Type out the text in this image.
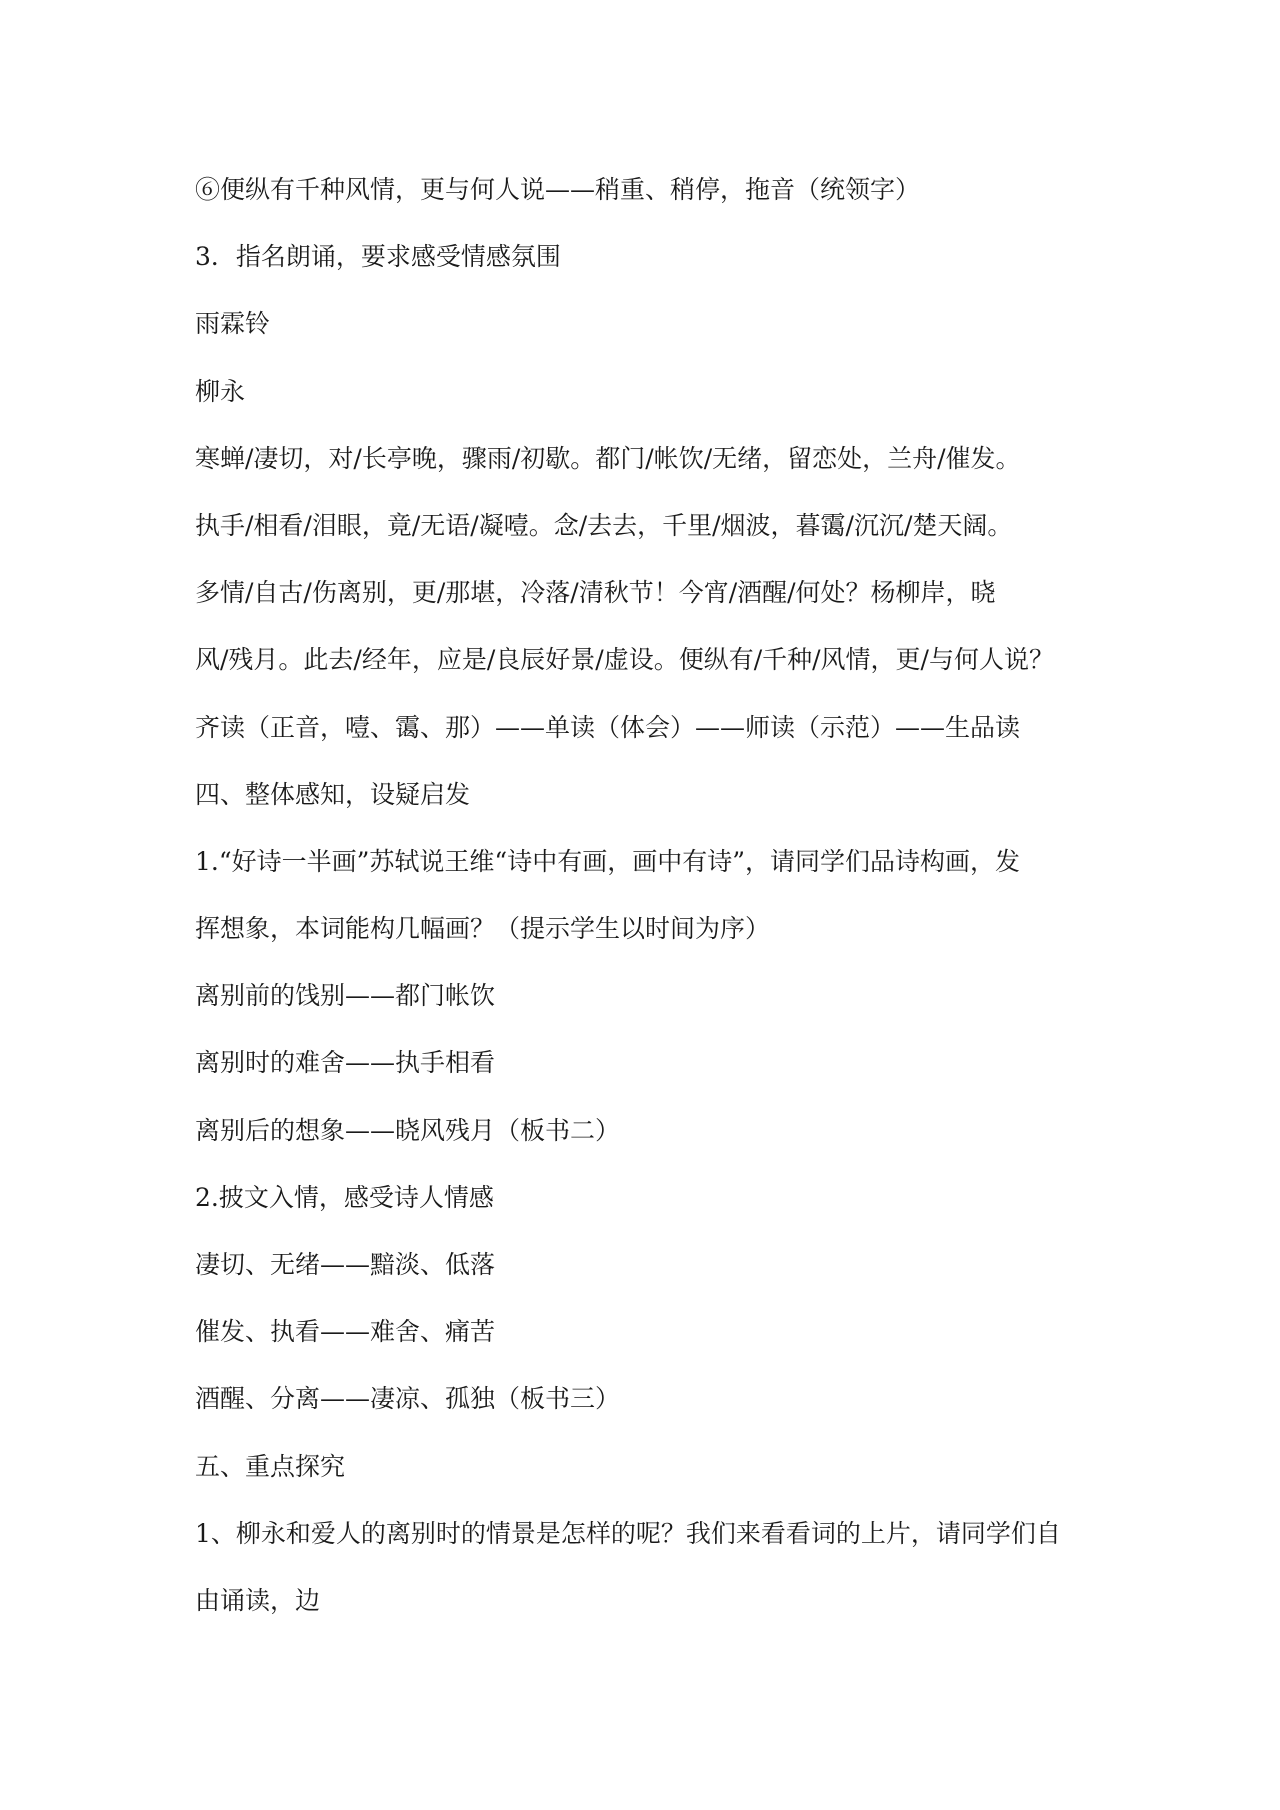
⑥便纵有千种风情，更与何人说——稍重、稍停，拖音（统领字）
3．指名朗诵，要求感受情感氛围
雨霖铃
柳永
寒蝉/凄切，对/长亭晚，骤雨/初歇。都门/帐饮/无绪，留恋处，兰舟/催发。
执手/相看/泪眼，竟/无语/凝噎。念/去去，千里/烟波，暮霭/沉沉/楚天阔。
多情/自古/伤离别，更/那堪，冷落/清秋节！今宵/酒醒/何处？杨柳岸，晓
风/残月。此去/经年，应是/良辰好景/虚设。便纵有/千种/风情，更/与何人说？
齐读（正音，噎、霭、那）——单读（体会）——师读（示范）——生品读
四、整体感知，设疑启发
1.“好诗一半画”苏轼说王维“诗中有画，画中有诗”，请同学们品诗构画，发
挥想象，本词能构几幅画？（提示学生以时间为序）
离别前的饯别——都门帐饮
离别时的难舍——执手相看
离别后的想象——晓风残月（板书二）
2.披文入情，感受诗人情感
凄切、无绪——黯淡、低落
催发、执看——难舍、痛苦
酒醒、分离——凄凉、孤独（板书三）
五、重点探究
1、柳永和爱人的离别时的情景是怎样的呢？我们来看看词的上片，请同学们自
由诵读，边
